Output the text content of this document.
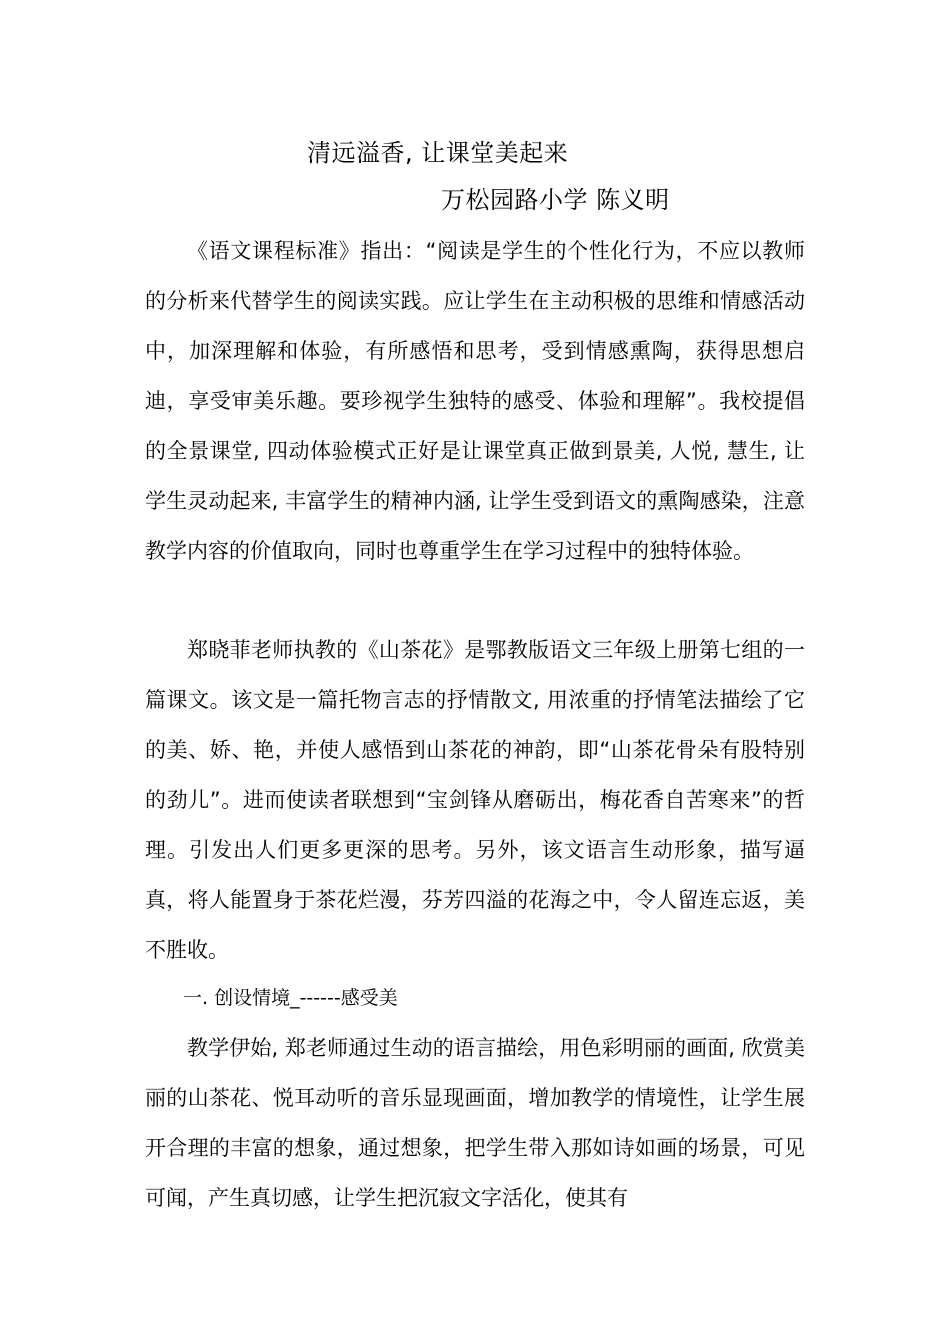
清远溢香, 让课堂美起来
万松园路小学 陈义明

《语文课程标准》指出：“阅读是学生的个性化行为，不应以教师的分析来代替学生的阅读实践。应让学生在主动积极的思维和情感活动中，加深理解和体验，有所感悟和思考，受到情感熏陶，获得思想启迪，享受审美乐趣。要珍视学生独特的感受、体验和理解”。我校提倡的全景课堂, 四动体验模式正好是让课堂真正做到景美, 人悦, 慧生, 让学生灵动起来, 丰富学生的精神内涵, 让学生受到语文的熏陶感染，注意教学内容的价值取向，同时也尊重学生在学习过程中的独特体验。

郑晓菲老师执教的《山茶花》是鄂教版语文三年级上册第七组的一篇课文。该文是一篇托物言志的抒情散文, 用浓重的抒情笔法描绘了它的美、娇、艳，并使人感悟到山茶花的神韵，即“山茶花骨朵有股特别的劲儿”。进而使读者联想到“宝剑锋从磨砺出，梅花香自苦寒来”的哲理。引发出人们更多更深的思考。另外，该文语言生动形象，描写逼真，将人能置身于茶花烂漫，芬芳四溢的花海之中，令人留连忘返，美不胜收。

一. 创设情境_------感受美

教学伊始, 郑老师通过生动的语言描绘，用色彩明丽的画面, 欣赏美丽的山茶花、悦耳动听的音乐显现画面，增加教学的情境性，让学生展开合理的丰富的想象，通过想象，把学生带入那如诗如画的场景，可见可闻，产生真切感，让学生把沉寂文字活化，使其有
